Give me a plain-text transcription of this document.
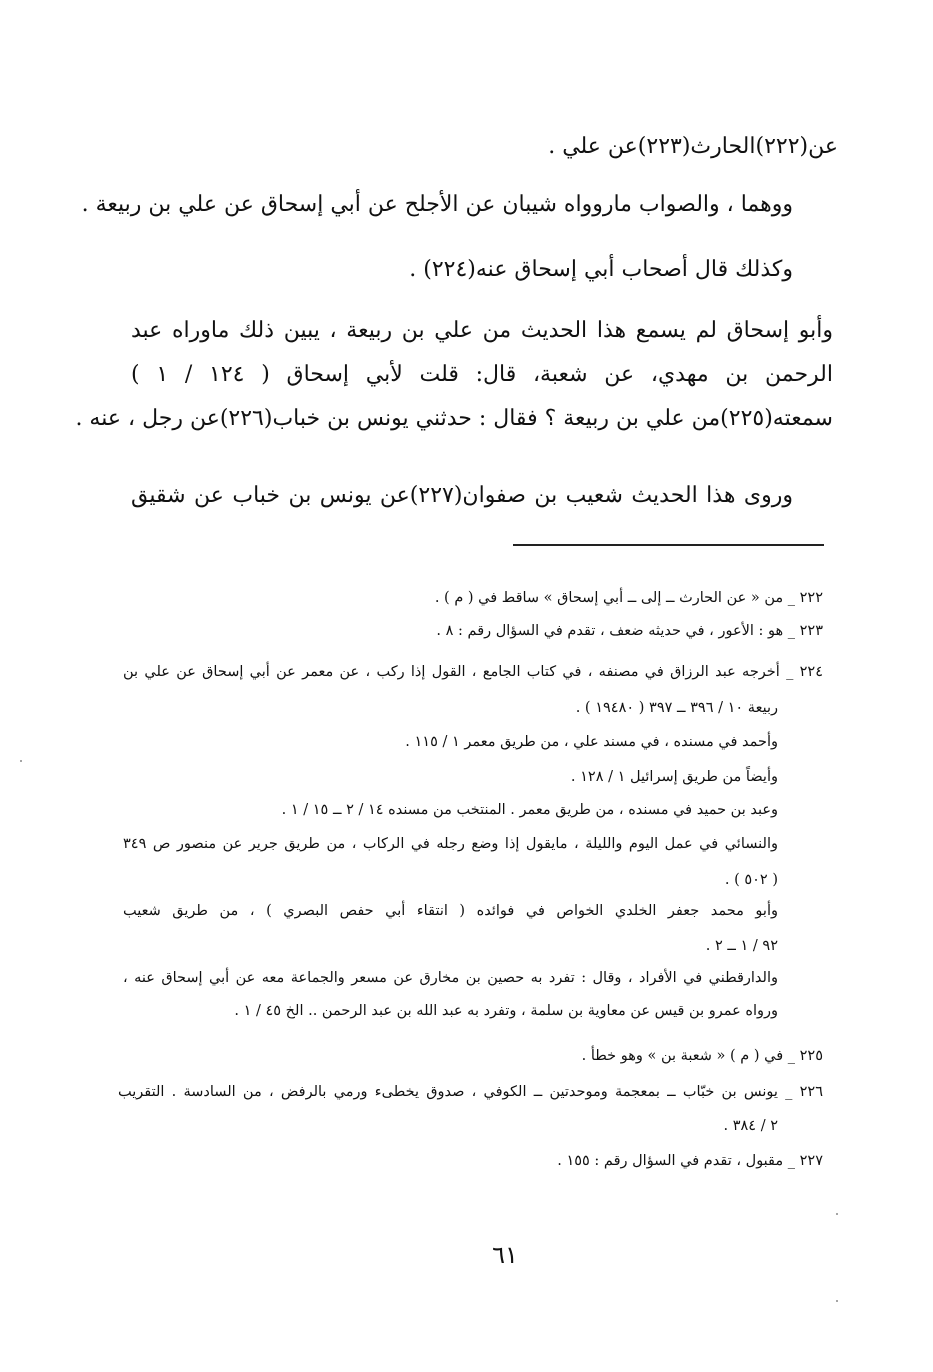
عن(٢٢٢)الحارث(٢٢٣)عن علي .
ووهما ، والصواب ماروواه شيبان عن الأجلح عن أبي إسحاق عن علي بن ربيعة .
وكذلك قال أصحاب أبي إسحاق عنه(٢٢٤) .
وأبو إسحاق لم يسمع هذا الحديث من علي بن ربيعة ، يبين ذلك ماوراه عبد
الرحمن بن مهدي، عن شعبة، قال: قلت لأبي إسحاق ( ١٢٤ / ١ )
سمعته(٢٢٥)من علي بن ربيعة ؟ فقال : حدثني يونس بن خباب(٢٢٦)عن رجل ، عنه .
وروى هذا الحديث شعيب بن صفوان(٢٢٧)عن يونس بن خباب عن شقيق
٢٢٢ _ من « عن الحارث ــ إلى ــ أبي إسحاق » ساقط في ( م ) .
٢٢٣ _ هو : الأعور ، في حديثه ضعف ، تقدم في السؤال رقم : ٨ .
٢٢٤ _ أخرجه عبد الرزاق في مصنفه ، في كتاب الجامع ، القول إذا ركب ، عن معمر عن أبي إسحاق عن علي بن
ربيعة ١٠ / ٣٩٦ ــ ٣٩٧ ( ١٩٤٨٠ ) .
وأحمد في مسنده ، في مسند علي ، من طريق معمر ١ / ١١٥ .
وأيضاً من طريق إسرائيل ١ / ١٢٨ .
وعبد بن حميد في مسنده ، من طريق معمر . المنتخب من مسنده ١٤ / ٢ ــ ١٥ / ١ .
والنسائي في عمل اليوم والليلة ، مايقول إذا وضع رجله في الركاب ، من طريق جرير عن منصور ص ٣٤٩
( ٥٠٢ ) .
وأبو محمد جعفر الخلدي الخواص في فوائده ( انتقاء أبي حفص البصري ) ، من طريق شعيب
٩٢ / ١ ــ ٢ .
والدارقطني في الأفراد ، وقال : تفرد به حصين بن مخارق عن مسعر والجماعة معه عن أبي إسحاق عنه ،
ورواه عمرو بن قيس عن معاوية بن سلمة ، وتفرد به عبد الله بن عبد الرحمن .. الخ ٤٥ / ١ .
٢٢٥ _ في ( م ) « شعبة بن » وهو خطأ .
٢٢٦ _ يونس بن خبّاب ــ بمعجمة وموحدتين ــ الكوفي ، صدوق يخطىء ورمي بالرفض ، من السادسة . التقريب
٢ / ٣٨٤ .
٢٢٧ _ مقبول ، تقدم في السؤال رقم : ١٥٥ .
٦١
